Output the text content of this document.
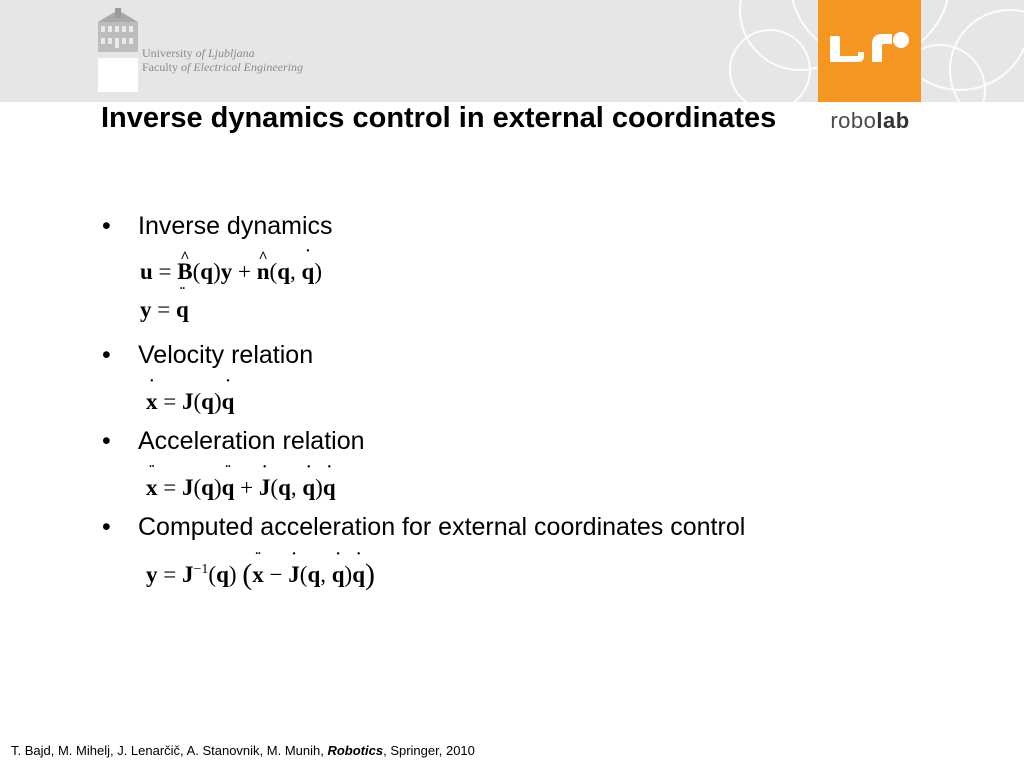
University of Ljubljana
Faculty of Electrical Engineering
robolab
Inverse dynamics control in external coordinates
• Inverse dynamics
u = ^ B(q)y + ^ n(q, ˙ q)
y = ¨ q
• Velocity relation
˙ x = J(q)˙ q
• Acceleration relation
¨ x = J(q)¨ q + ˙ J(q, ˙ q)˙ q
• Computed acceleration for external coordinates control
$y = J^{-1}(q)$ (¨ x − ˙ J(q, ˙ q)˙ q)
T. Bajd, M. Mihelj, J. Lenarčič, A. Stanovnik, M. Munih, Robotics, Springer, 2010
